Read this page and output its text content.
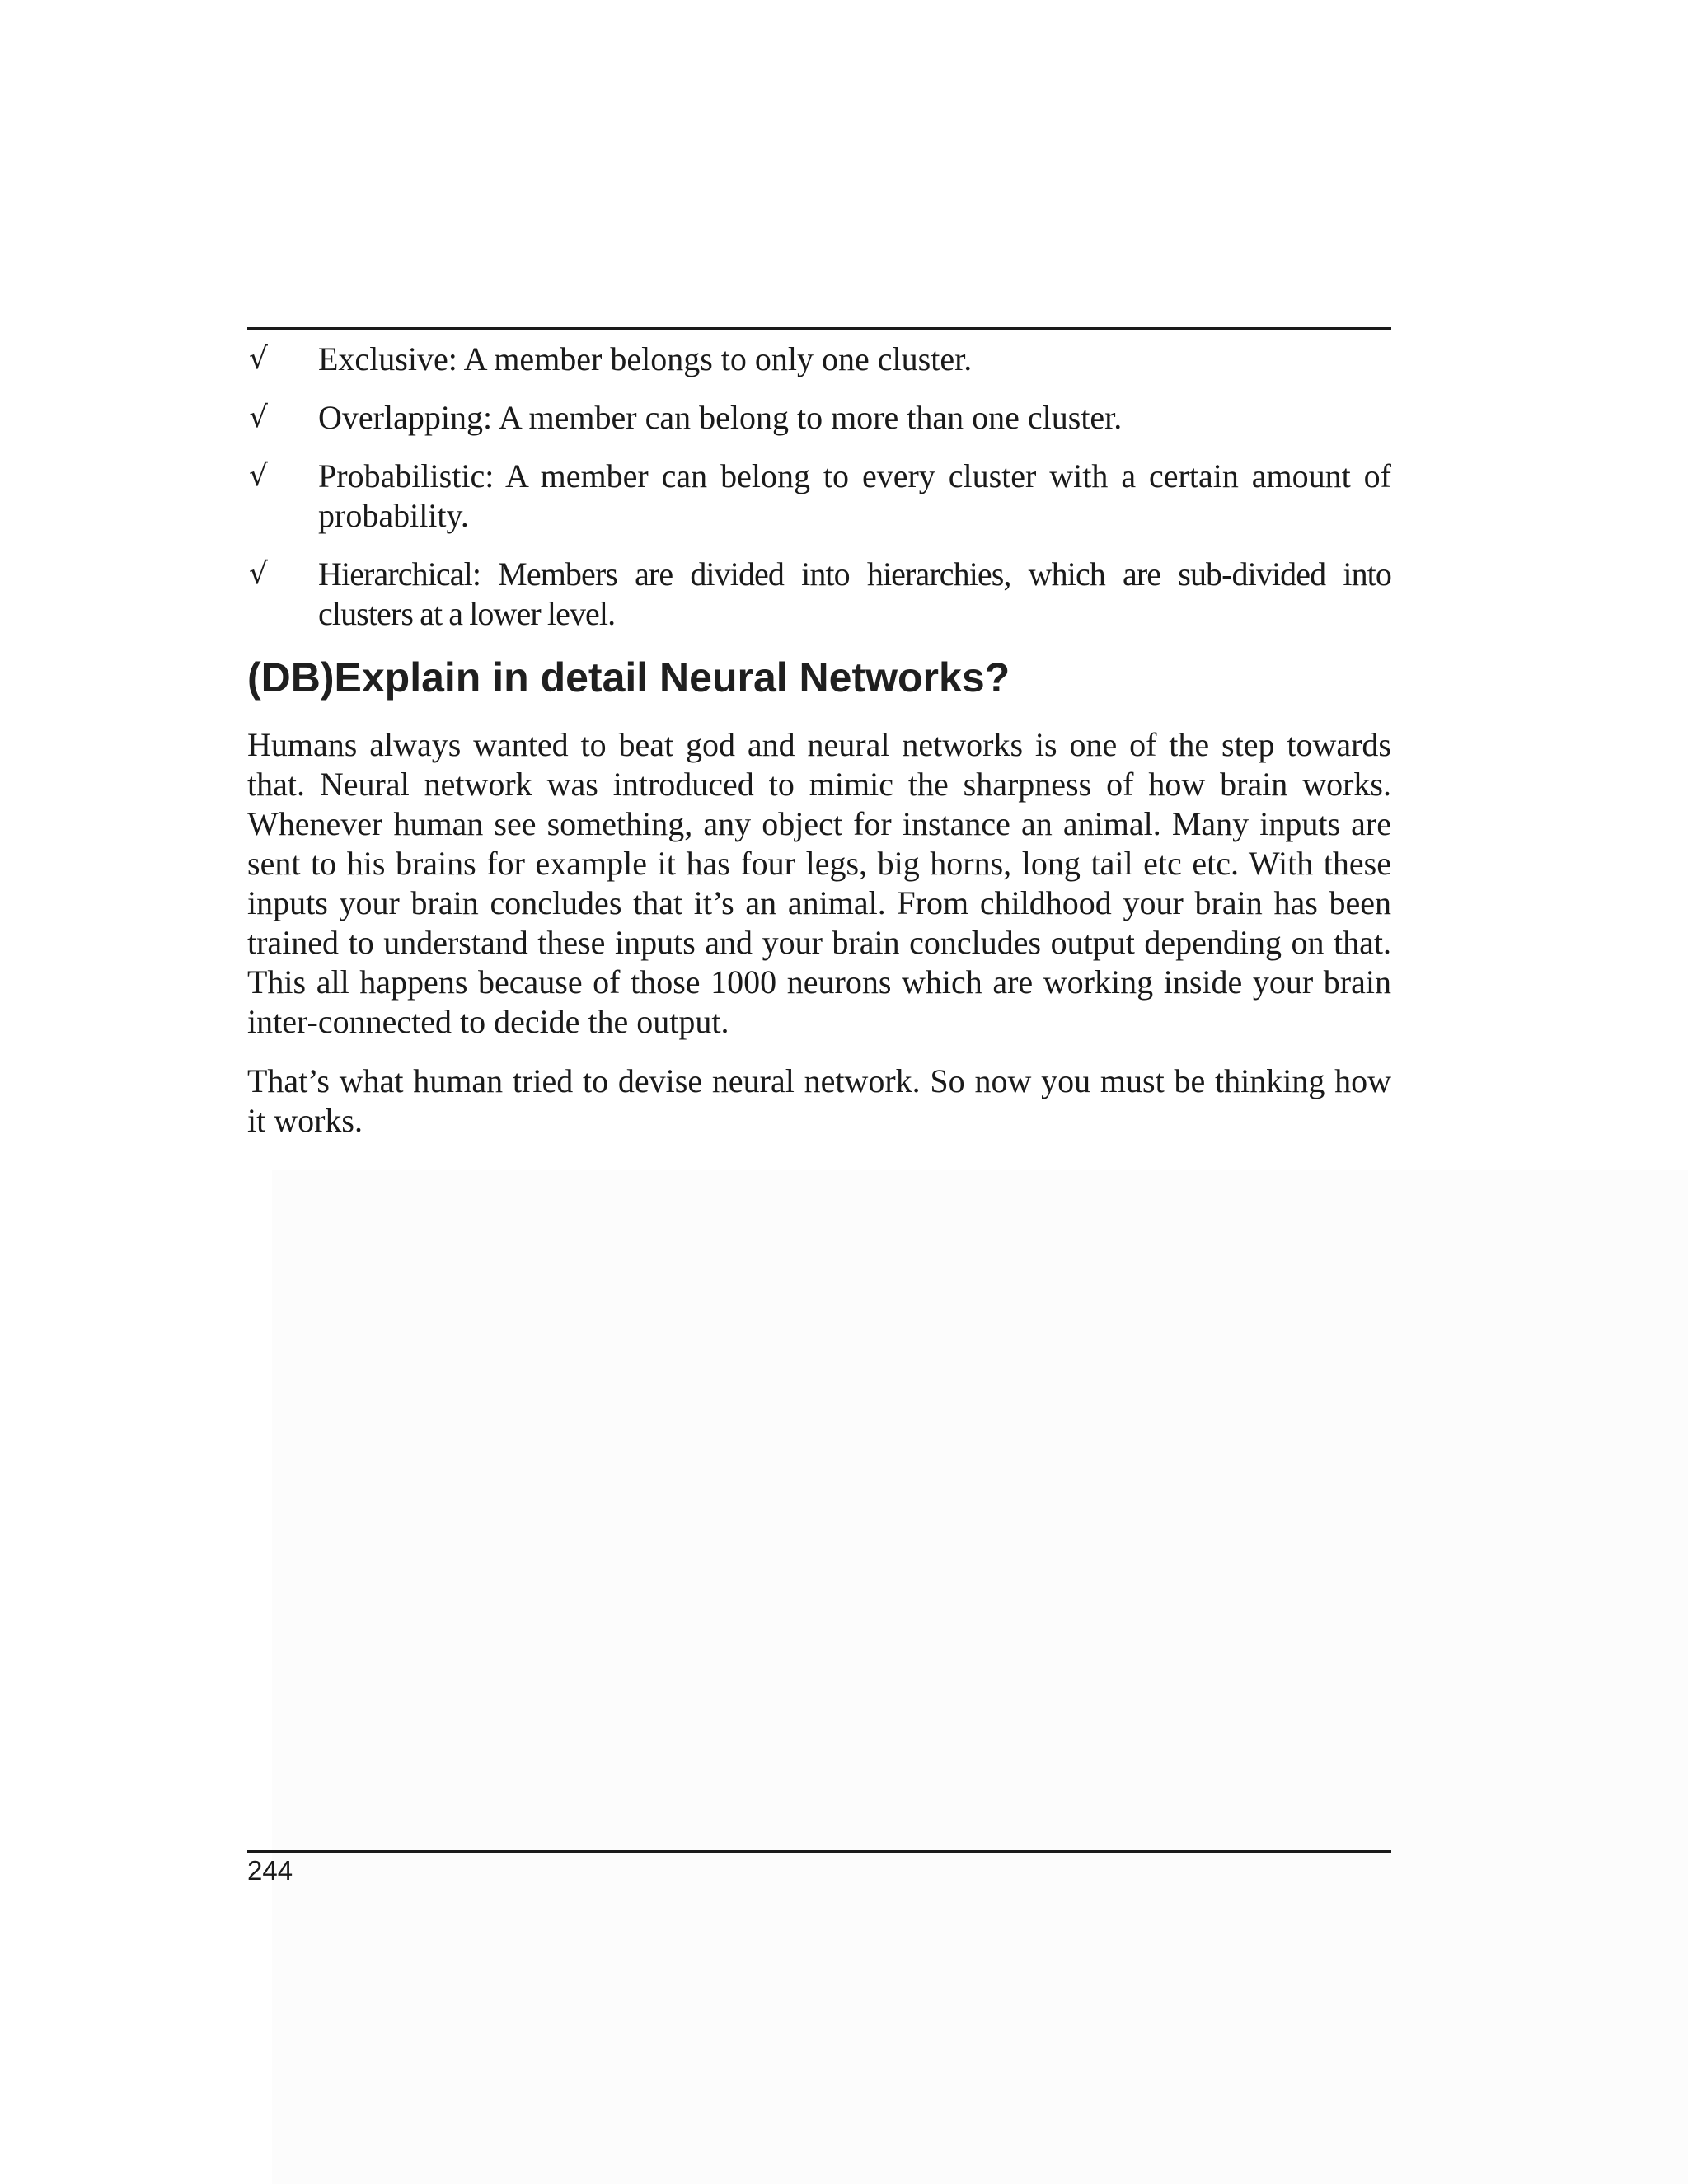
√	Exclusive: A member belongs to only one cluster.
√	Overlapping: A member can belong to more than one cluster.
√	Probabilistic: A member can belong to every cluster with a certain amount of probability.
√	Hierarchical: Members are divided into hierarchies, which are sub-divided into clusters at a lower level.
(DB)Explain in detail Neural Networks?

Humans always wanted to beat god and neural networks is one of the step towards that. Neural network was introduced to mimic the sharpness of how brain works. Whenever human see something, any object for instance an animal. Many inputs are sent to his brains for example it has four legs, big horns, long tail etc etc. With these inputs your brain concludes that it’s an animal. From childhood your brain has been trained to understand these inputs and your brain concludes output depending on that. This all happens because of those 1000 neurons which are working inside your brain inter-connected to decide the output.

That’s what human tried to devise neural network. So now you must be thinking how it works.

244
